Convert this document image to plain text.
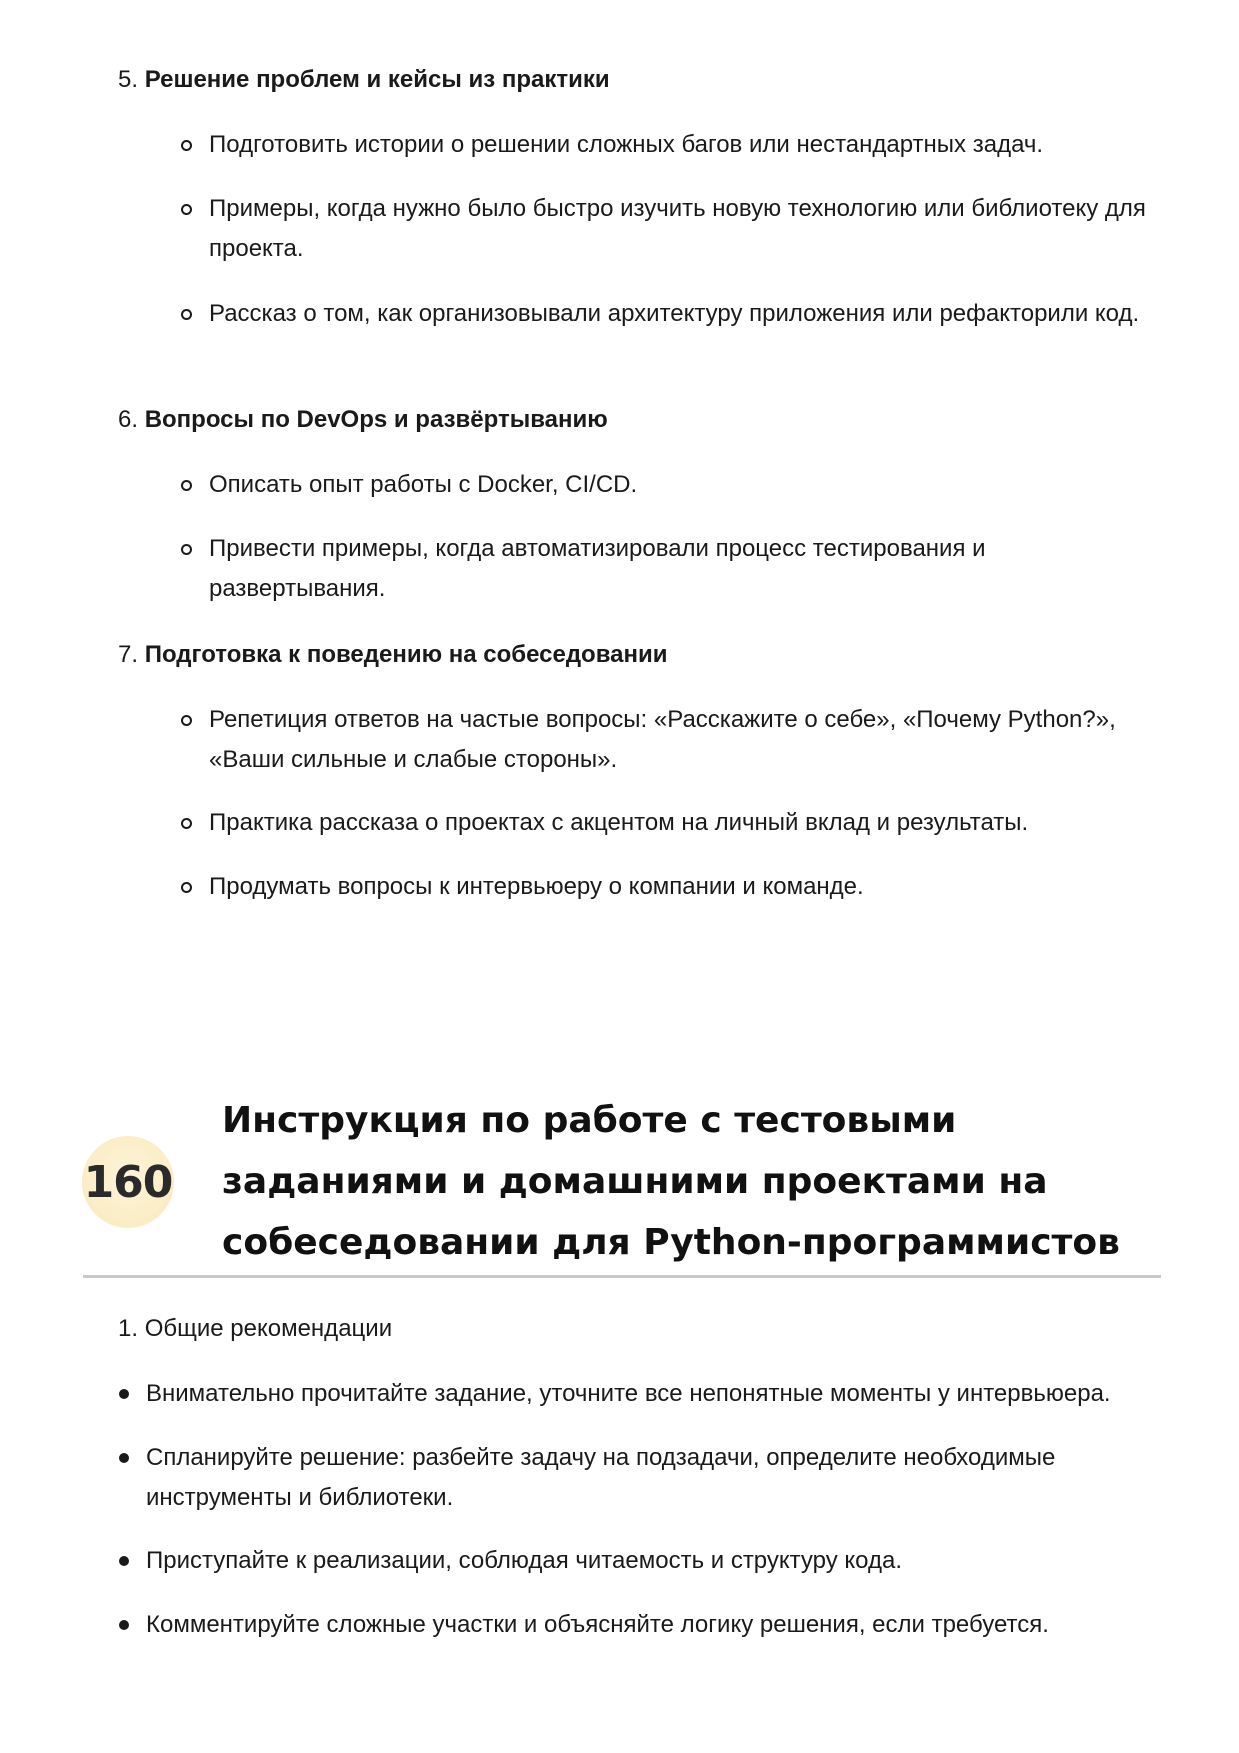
5. Решение проблем и кейсы из практики
Подготовить истории о решении сложных багов или нестандартных задач.
Примеры, когда нужно было быстро изучить новую технологию или библиотеку для проекта.
Рассказ о том, как организовывали архитектуру приложения или рефакторили код.
6. Вопросы по DevOps и развёртыванию
Описать опыт работы с Docker, CI/CD.
Привести примеры, когда автоматизировали процесс тестирования и развертывания.
7. Подготовка к поведению на собеседовании
Репетиция ответов на частые вопросы: «Расскажите о себе», «Почему Python?», «Ваши сильные и слабые стороны».
Практика рассказа о проектах с акцентом на личный вклад и результаты.
Продумать вопросы к интервьюеру о компании и команде.
160
Инструкция по работе с тестовыми заданиями и домашними проектами на собеседовании для Python-программистов
1. Общие рекомендации
Внимательно прочитайте задание, уточните все непонятные моменты у интервьюера.
Спланируйте решение: разбейте задачу на подзадачи, определите необходимые инструменты и библиотеки.
Приступайте к реализации, соблюдая читаемость и структуру кода.
Комментируйте сложные участки и объясняйте логику решения, если требуется.
